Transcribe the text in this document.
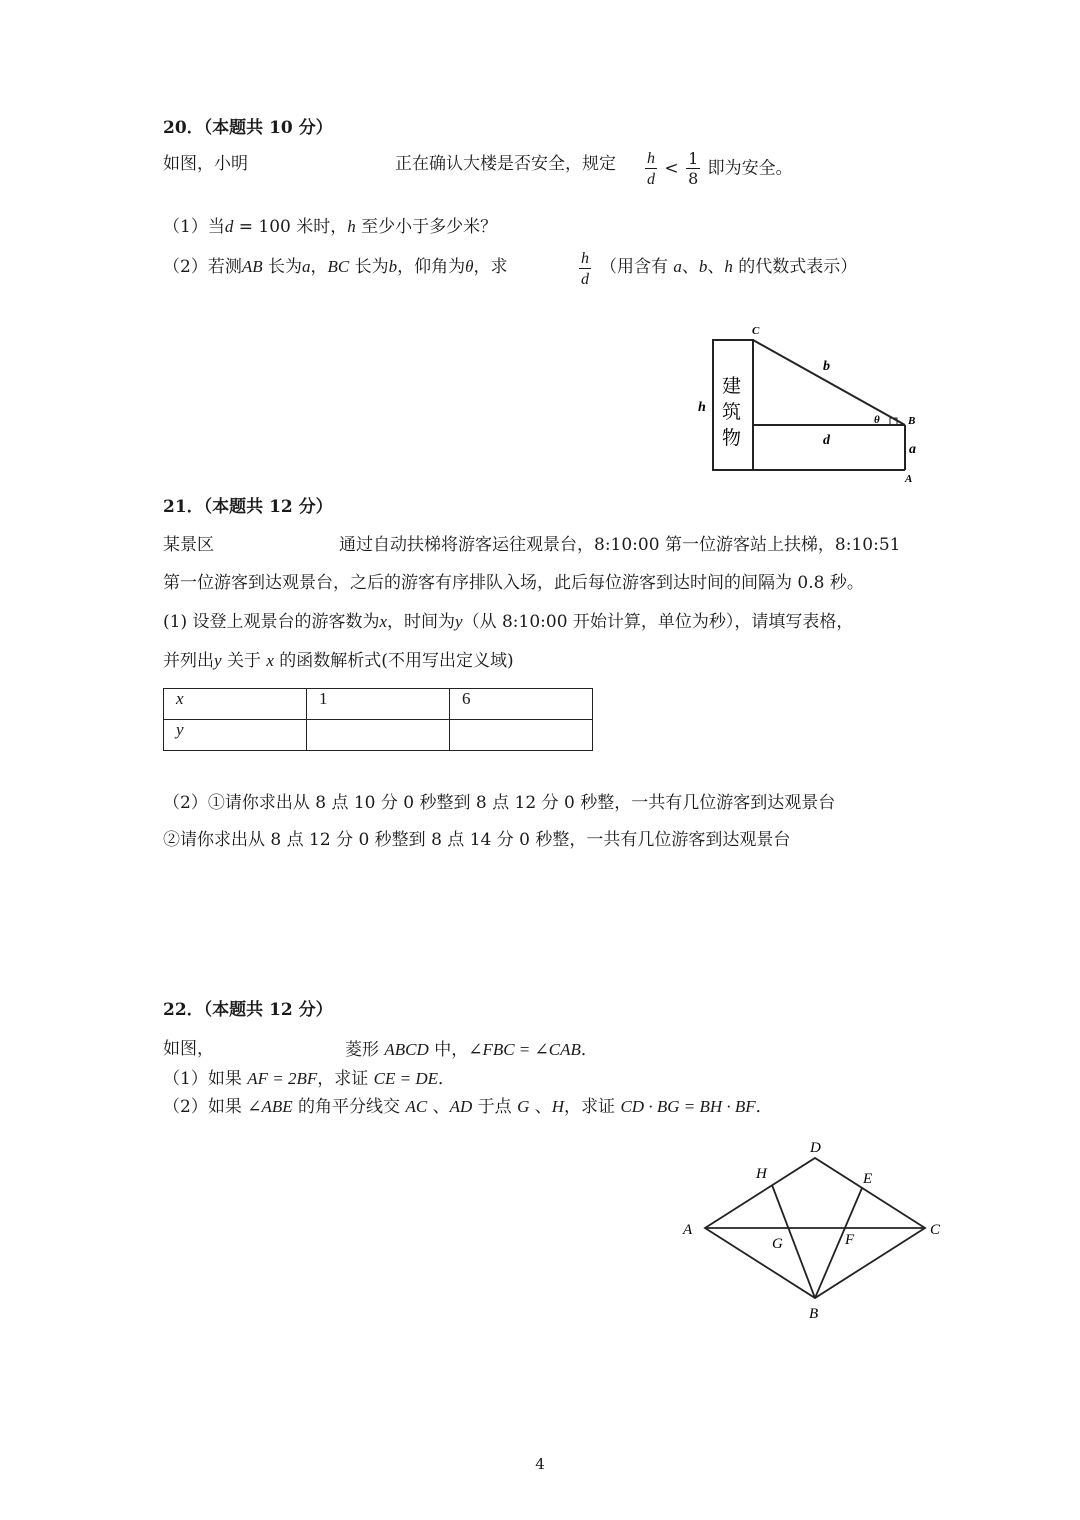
20．（本题共 10 分）
如图，小明	正在确认大楼是否安全，规定 $\frac{h}{d} < \frac{1}{8}$ 即为安全。
（1）当d = 100 米时，h 至少小于多少米？
（2）若测AB 长为a，BC 长为b，仰角为θ，求	$\frac{h}{d}$ （用含有 a、b、h 的代数式表示）
建
筑
物
C
b
h
θ	B
d
a
A
21．（本题共 12 分）
某景区	通过自动扶梯将游客运往观景台，8:10:00 第一位游客站上扶梯，8:10:51
第一位游客到达观景台，之后的游客有序排队入场，此后每位游客到达时间的间隔为 0.8 秒。
(1) 设登上观景台的游客数为x，时间为y（从 8:10:00 开始计算，单位为秒），请填写表格，
并列出y 关于 x 的函数解析式(不用写出定义域)
x	1	6
y		
（2）①请你求出从 8 点 10 分 0 秒整到 8 点 12 分 0 秒整，一共有几位游客到达观景台
②请你求出从 8 点 12 分 0 秒整到 8 点 14 分 0 秒整，一共有几位游客到达观景台
22．（本题共 12 分）
如图，	菱形 ABCD 中，∠FBC = ∠CAB．
（1）如果 AF = 2BF，求证 CE = DE．
（2）如果 ∠ABE 的角平分线交 AC 、AD 于点 G 、H，求证 CD · BG = BH · BF．
D
H	E
A	C
G	F
B
4
